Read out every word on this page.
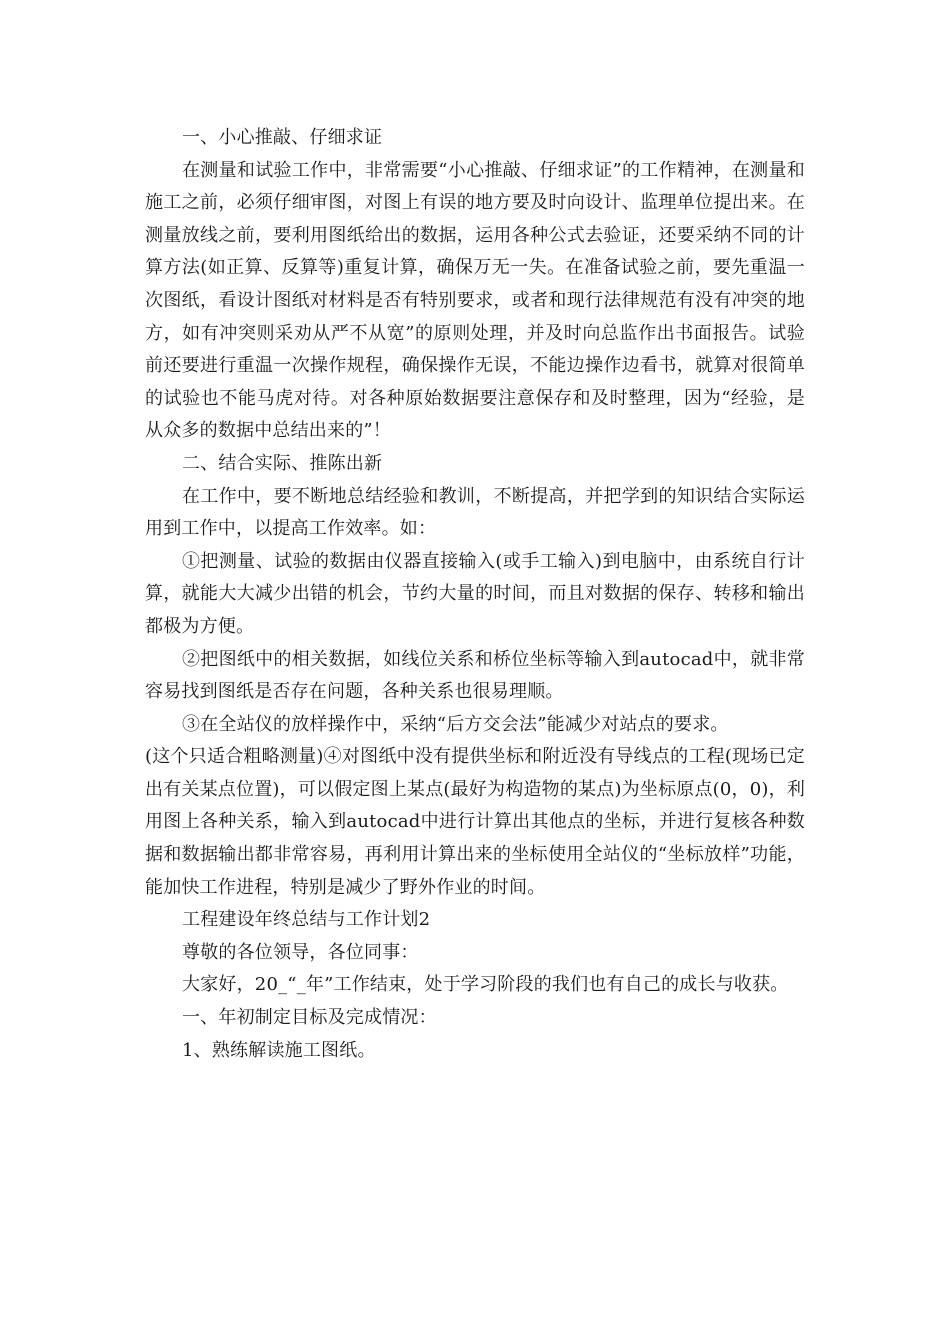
一、小心推敲、仔细求证

在测量和试验工作中，非常需要“小心推敲、仔细求证”的工作精神，在测量和施工之前，必须仔细审图，对图上有误的地方要及时向设计、监理单位提出来。在测量放线之前，要利用图纸给出的数据，运用各种公式去验证，还要采纳不同的计算方法(如正算、反算等)重复计算，确保万无一失。在准备试验之前，要先重温一次图纸，看设计图纸对材料是否有特别要求，或者和现行法律规范有没有冲突的地方，如有冲突则采劝从严不从宽”的原则处理，并及时向总监作出书面报告。试验前还要进行重温一次操作规程，确保操作无误，不能边操作边看书，就算对很简单的试验也不能马虎对待。对各种原始数据要注意保存和及时整理，因为“经验，是从众多的数据中总结出来的”！

二、结合实际、推陈出新

在工作中，要不断地总结经验和教训，不断提高，并把学到的知识结合实际运用到工作中，以提高工作效率。如：

①把测量、试验的数据由仪器直接输入(或手工输入)到电脑中，由系统自行计算，就能大大减少出错的机会，节约大量的时间，而且对数据的保存、转移和输出都极为方便。

②把图纸中的相关数据，如线位关系和桥位坐标等输入到autocad中，就非常容易找到图纸是否存在问题，各种关系也很易理顺。

③在全站仪的放样操作中，采纳“后方交会法”能减少对站点的要求。

(这个只适合粗略测量)④对图纸中没有提供坐标和附近没有导线点的工程(现场已定出有关某点位置)，可以假定图上某点(最好为构造物的某点)为坐标原点(0，0)，利用图上各种关系，输入到autocad中进行计算出其他点的坐标，并进行复核各种数据和数据输出都非常容易，再利用计算出来的坐标使用全站仪的“坐标放样”功能，能加快工作进程，特别是减少了野外作业的时间。

工程建设年终总结与工作计划2

尊敬的各位领导，各位同事：

大家好，20_“_年”工作结束，处于学习阶段的我们也有自己的成长与收获。

一、年初制定目标及完成情况：

1、熟练解读施工图纸。
